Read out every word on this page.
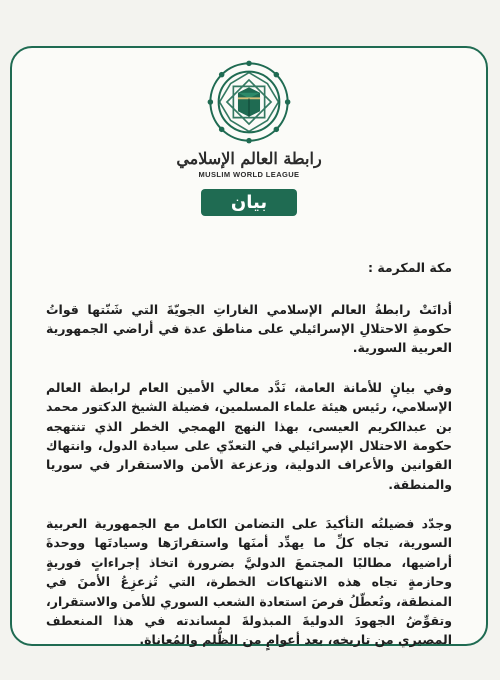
رابطة العالم الإسلامي
MUSLIM WORLD LEAGUE
بيان

مكة المكرمة :

أدانَتْ رابطةُ العالم الإسلامي الغاراتِ الجويّةَ التي شَنّتها قواتُ حكومةِ الاحتلالِ الإسرائيلي على مناطق عدة في أراضي الجمهورية العربية السورية.

وفي بيانٍ للأمانة العامة، نَدَّد معالي الأمين العام لرابطة العالم الإسلامي، رئيس هيئة علماء المسلمين، فضيلة الشيخ الدكتور محمد بن عبدالكريم العيسى، بهذا النهج الهمجي الخطر الذي تنتهجه حكومة الاحتلال الإسرائيلي في التعدّي على سيادة الدول، وانتهاك القوانين والأعراف الدولية، وزعزعة الأمن والاستقرار في سوريا والمنطقة.

وجدّد فضيلتُه التأكيدَ على التضامن الكامل مع الجمهورية العربية السورية، تجاه كلِّ ما يهدِّد أمنَها واستقرارَها وسيادتَها ووحدةَ أراضيها، مطالبًا المجتمعَ الدوليَّ بضرورة اتخاذ إجراءاتٍ فوريةٍ وحازمةٍ تجاه هذه الانتهاكات الخطرة، التي تُزعزِعُ الأمنَ في المنطقة، وتُعطّلُ فرصَ استعادة الشعب السوري للأمن والاستقرار، وتقوِّضُ الجهودَ الدوليةَ المبذولةَ لمساندته في هذا المنعطف المصيري من تاريخه، بعد أعوامٍ من الظُّلم والمُعاناة.
